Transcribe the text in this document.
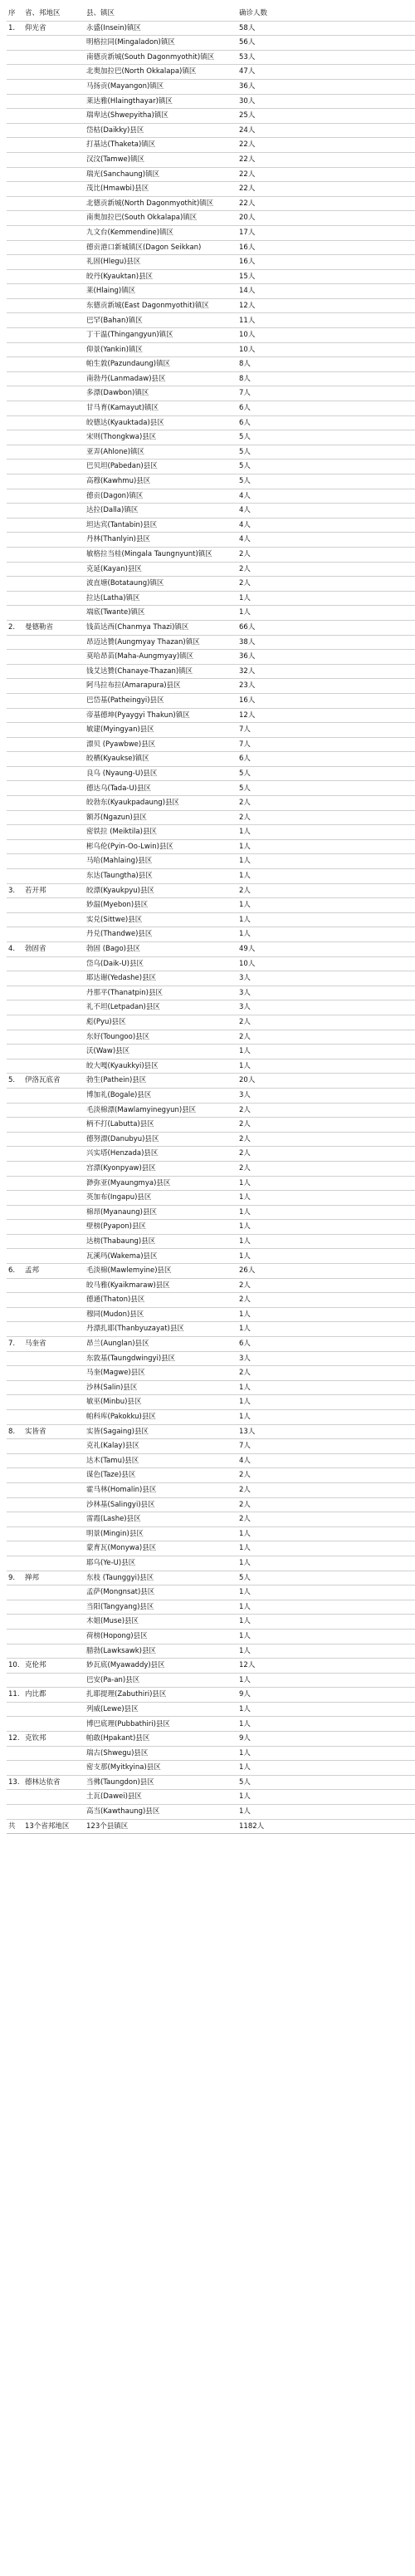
序	省、邦地区	县、镇区	确诊人数
1.	仰光省	永盛(Insein)镇区	58人
		明格拉同(Mingaladon)镇区	56人
		南德贡新城(South Dagonmyothit)镇区	53人
		北奥加拉巴(North Okkalapa)镇区	47人
		马扬贡(Mayangon)镇区	36人
		莱达雅(Hlaingthayar)镇区	30人
		瑞卑达(Shwepyitha)镇区	25人
		岱枯(Daikky)县区	24人
		打基达(Thaketa)镇区	22人
		汉汶(Tamwe)镇区	22人
		瑞光(Sanchaung)镇区	22人
		茂比(Hmawbi)县区	22人
		北德贡新城(North Dagonmyothit)镇区	22人
		南奥加拉巴(South Okkalapa)镇区	20人
		九文台(Kemmendine)镇区	17人
		德贡港口新城镇区(Dagon Seikkan)	16人
		礼固(Hlegu)县区	16人
		皎丹(Kyauktan)县区	15人
		莱(Hlaing)镇区	14人
		东德贡新城(East Dagonmyothit)镇区	12人
		巴罕(Bahan)镇区	11人
		丁干温(Thingangyun)镇区	10人
		仰景(Yankin)镇区	10人
		帕生敦(Pazundaung)镇区	8人
		南勃丹(Lanmadaw)县区	8人
		多漂(Dawbon)镇区	7人
		甘马育(Kamayut)镇区	6人
		皎德达(Kyauktada)县区	6人
		宋则(Thongkwa)县区	5人
		亚弄(Ahlone)镇区	5人
		巴贝坦(Pabedan)县区	5人
		高穆(Kawhmu)县区	5人
		德贡(Dagon)镇区	4人
		达拉(Dalla)镇区	4人
		坦达宾(Tantabin)县区	4人
		丹林(Thanlyin)县区	4人
		敏格拉当桂(Mingala Taungnyunt)镇区	2人
		克延(Kayan)县区	2人
		波直塘(Botataung)镇区	2人
		拉达(Latha)镇区	1人
		端底(Twante)镇区	1人
2.	曼德勒省	钱苗达西(Chanmya Thazi)镇区	66人
		昂迈达贊(Aungmyay Thazan)镇区	38人
		莫哈昂苗(Maha-Aungmyay)镇区	36人
		钱艾达贊(Chanaye-Thazan)镇区	32人
		阿马拉布拉(Amarapura)县区	23人
		巴岱基(Patheingyi)县区	16人
		帝基德坤(Pyaygyi Thakun)镇区	12人
		敏建(Myingyan)县区	7人
		漂贝 (Pyawbwe)县区	7人
		皎栖(Kyaukse)镇区	6人
		良乌 (Nyaung-U)县区	5人
		德达乌(Tada-U)县区	5人
		皎勃东(Kyaukpadaung)县区	2人
		额苏(Ngazun)县区	2人
		密铁拉 (Meiktila)县区	1人
		彬乌伦(Pyin-Oo-Lwin)县区	1人
		马哈(Mahlaing)县区	1人
		东达(Taungtha)县区	1人
3.	若开邦	皎漂(Kyaukpyu)县区	2人
		妙温(Myebon)县区	1人
		实兑(Sittwe)县区	1人
		丹兑(Thandwe)县区	1人
4.	勃固省	勃固 (Bago)县区	49人
		岱乌(Daik-U)县区	10人
		耶达谢(Yedashe)县区	3人
		丹那平(Thanatpin)县区	3人
		礼不坦(Letpadan)县区	3人
		彪(Pyu)县区	2人
		东好(Toungoo)县区	2人
		沃(Waw)县区	1人
		皎大嘎(Kyaukkyi)县区	1人
5.	伊洛瓦底省	勃生(Pathein)县区	20人
		博加礼(Bogale)县区	3人
		毛淡棉漂(Mawlamyinegyun)县区	2人
		柄不打(Labutta)县区	2人
		德努漂(Danubyu)县区	2人
		兴实塔(Henzada)县区	2人
		宫漂(Kyonpyaw)县区	2人
		渺弥亚(Myaungmya)县区	1人
		英加布(Ingapu)县区	1人
		棉昂(Myanaung)县区	1人
		壁榜(Pyapon)县区	1人
		达榜(Thabaung)县区	1人
		瓦溪玛(Wakema)县区	1人
6.	孟邦	毛淡棉(Mawlemyine)县区	26人
		皎马雅(Kyaikmaraw)县区	2人
		德通(Thaton)县区	2人
		穆同(Mudon)县区	1人
		丹漂扎耶(Thanbyuzayat)县区	1人
7.	马奎省	昂兰(Aunglan)县区	6人
		东敦基(Taungdwingyi)县区	3人
		马奎(Magwe)县区	2人
		沙林(Salin)县区	1人
		敏巫(Minbu)县区	1人
		帕科库(Pakokku)县区	1人
8.	实皆省	实皆(Sagaing)县区	13人
		克礼(Kalay)县区	7人
		达木(Tamu)县区	4人
		谋色(Taze)县区	2人
		霍马林(Homalin)县区	2人
		沙林基(Salingyi)县区	2人
		雷霞(Lashe)县区	2人
		明景(Mingin)县区	1人
		蒙育瓦(Monywa)县区	1人
		耶乌(Ye-U)县区	1人
9.	掸邦	东枝 (Taunggyi)县区	5人
		孟萨(Mongnsat)县区	1人
		当阳(Tangyang)县区	1人
		木姐(Muse)县区	1人
		荷榜(Hopong)县区	1人
		腊勃(Lawksawk)县区	1人
10.	克伦邦	妙瓦底(Myawaddy)县区	12人
		巴安(Pa-an)县区	1人
11.	内比都	扎耶提理(Zabuthiri)县区	9人
		列威(Lewe)县区	1人
		博巴底理(Pubbathiri)县区	1人
12.	克钦邦	帕敢(Hpakant)县区	9人
		瑞古(Shwegu)县区	1人
		密支那(Myitkyina)县区	1人
13.	德林达依省	当佛(Taungdon)县区	5人
		土瓦(Dawei)县区	1人
		高当(Kawthaung)县区	1人
共	13个省邦地区	123个县镇区	1182人
